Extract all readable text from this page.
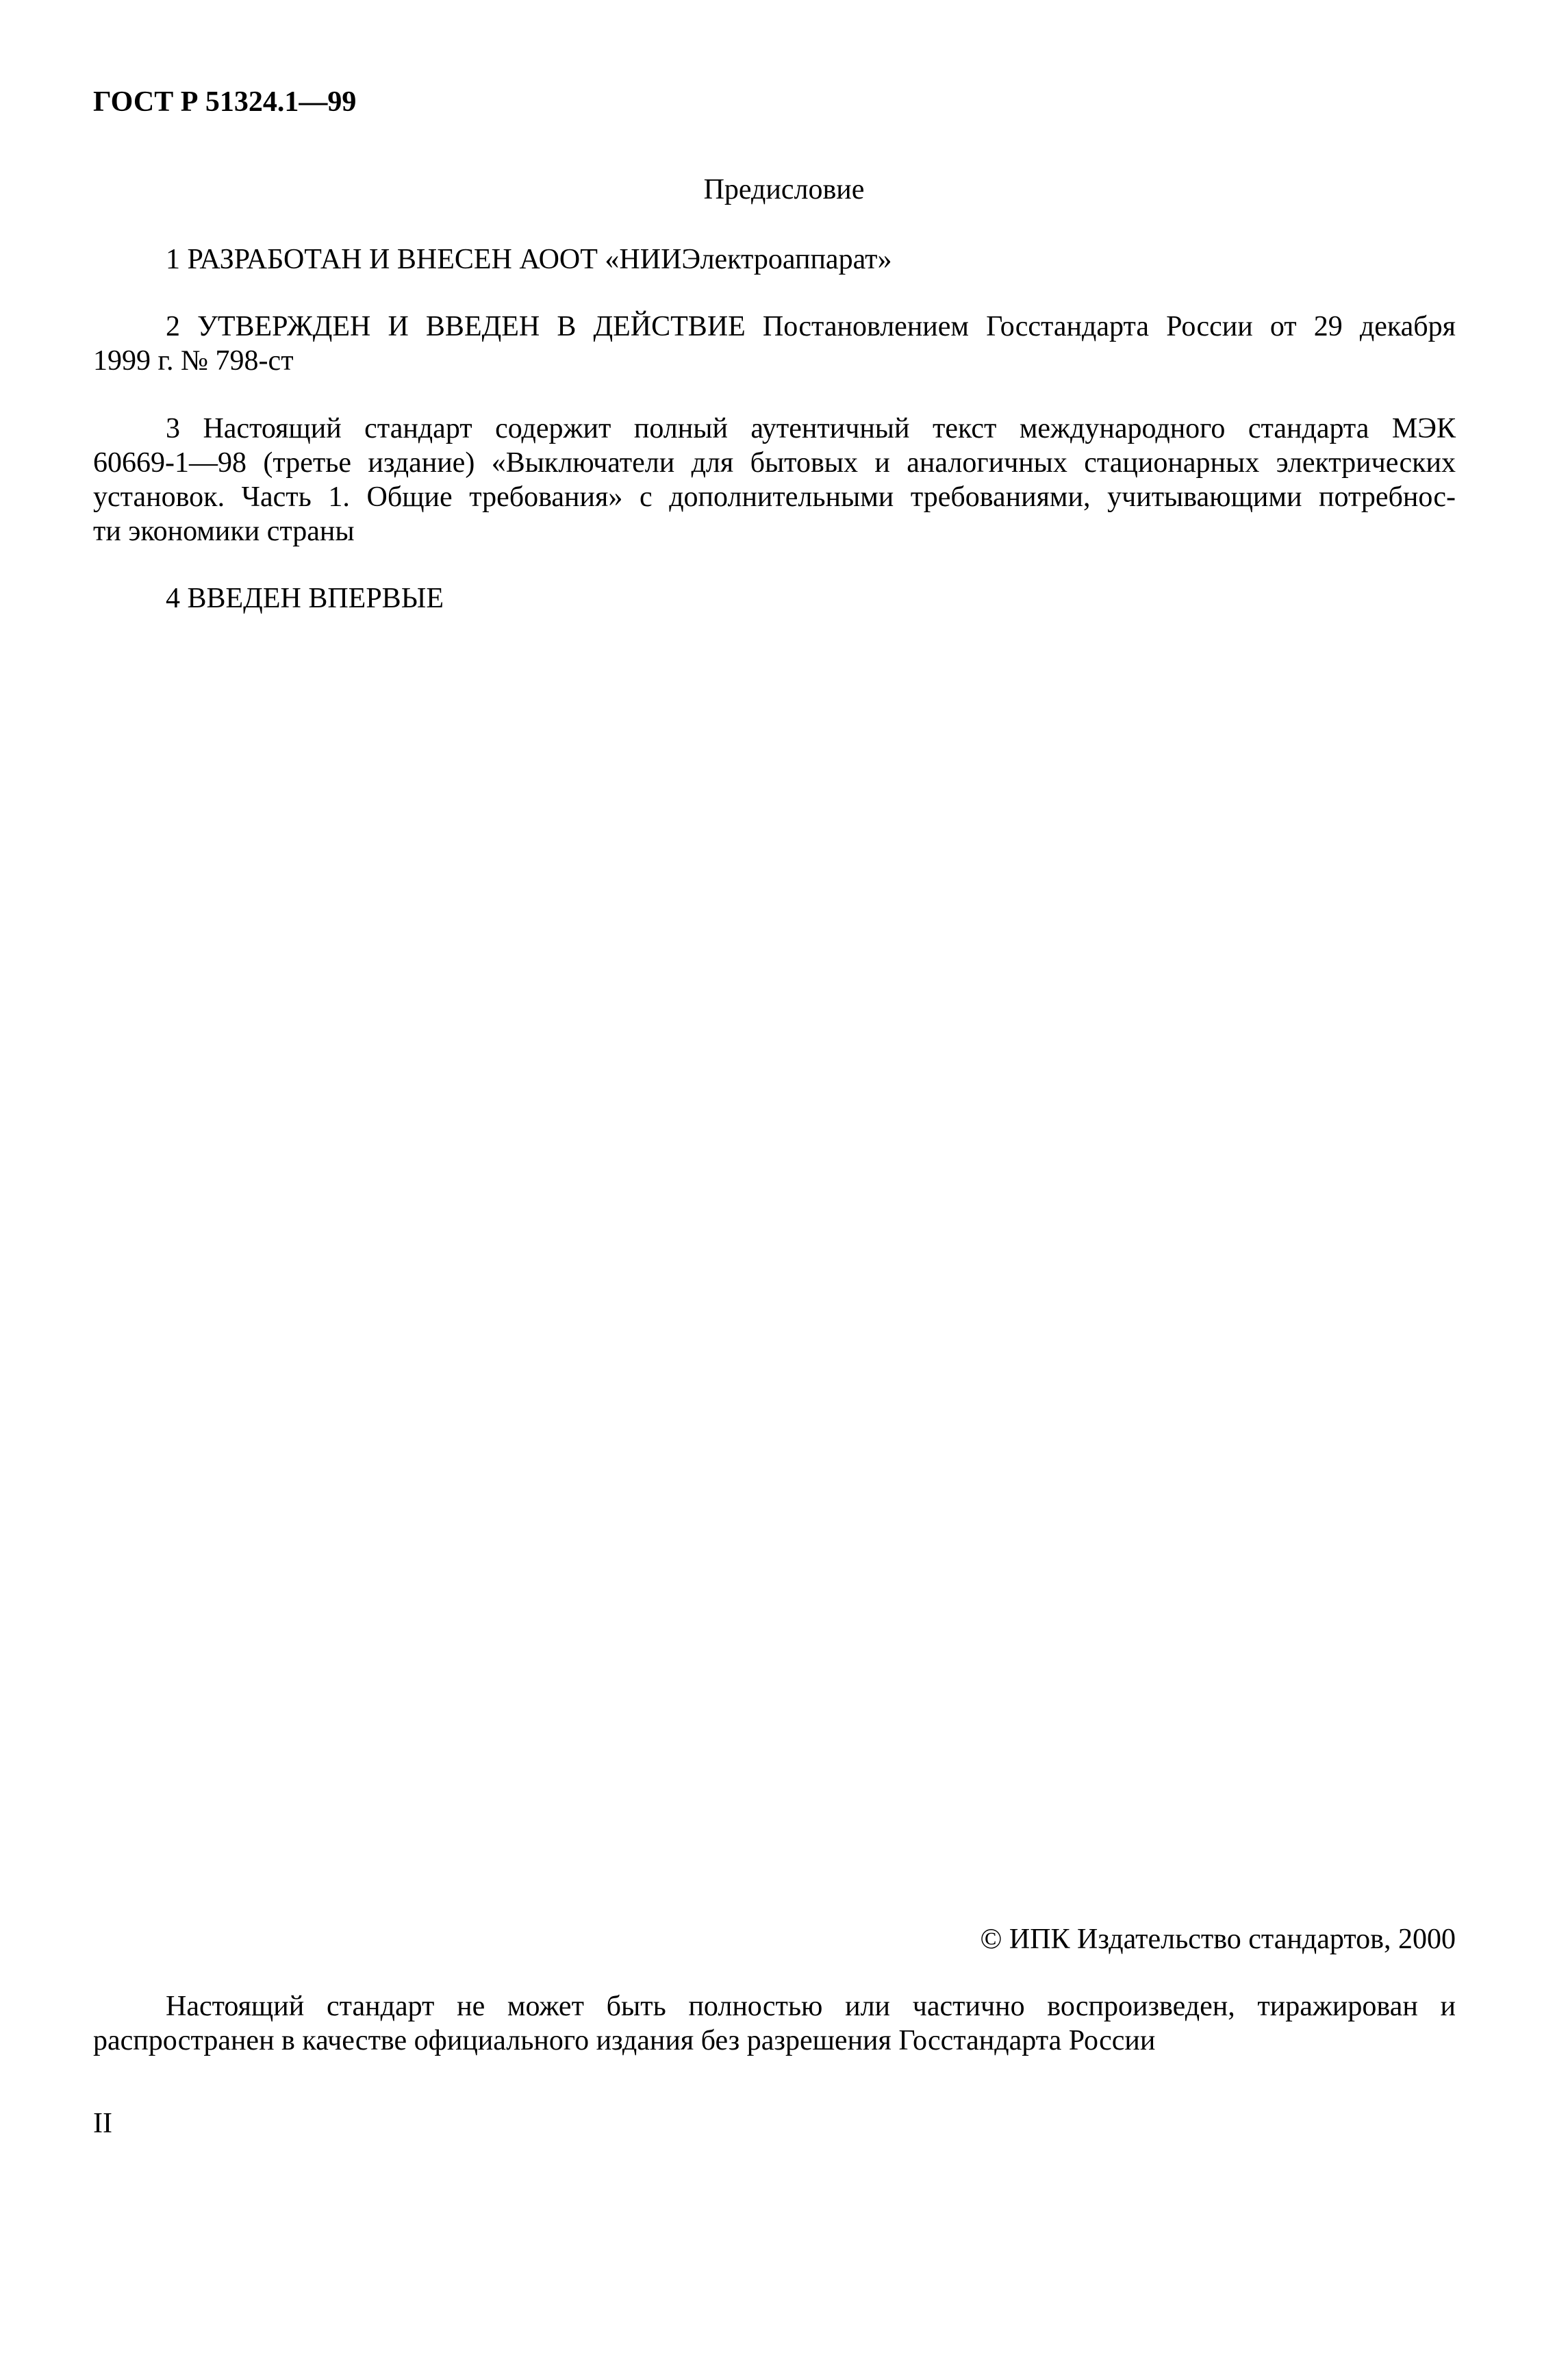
ГОСТ Р 51324.1—99
Предисловие
1 РАЗРАБОТАН И ВНЕСЕН АООТ «НИИЭлектроаппарат»
2 УТВЕРЖДЕН И ВВЕДЕН В ДЕЙСТВИЕ Постановлением Госстандарта России от 29 декабря
1999 г. № 798-ст
3 Настоящий стандарт содержит полный аутентичный текст международного стандарта МЭК
60669-1—98 (третье издание) «Выключатели для бытовых и аналогичных стационарных электрических
установок. Часть 1. Общие требования» с дополнительными требованиями, учитывающими потребнос-
ти экономики страны
4 ВВЕДЕН ВПЕРВЫЕ
© ИПК Издательство стандартов, 2000
Настоящий стандарт не может быть полностью или частично воспроизведен, тиражирован и
распространен в качестве официального издания без разрешения Госстандарта России
II
